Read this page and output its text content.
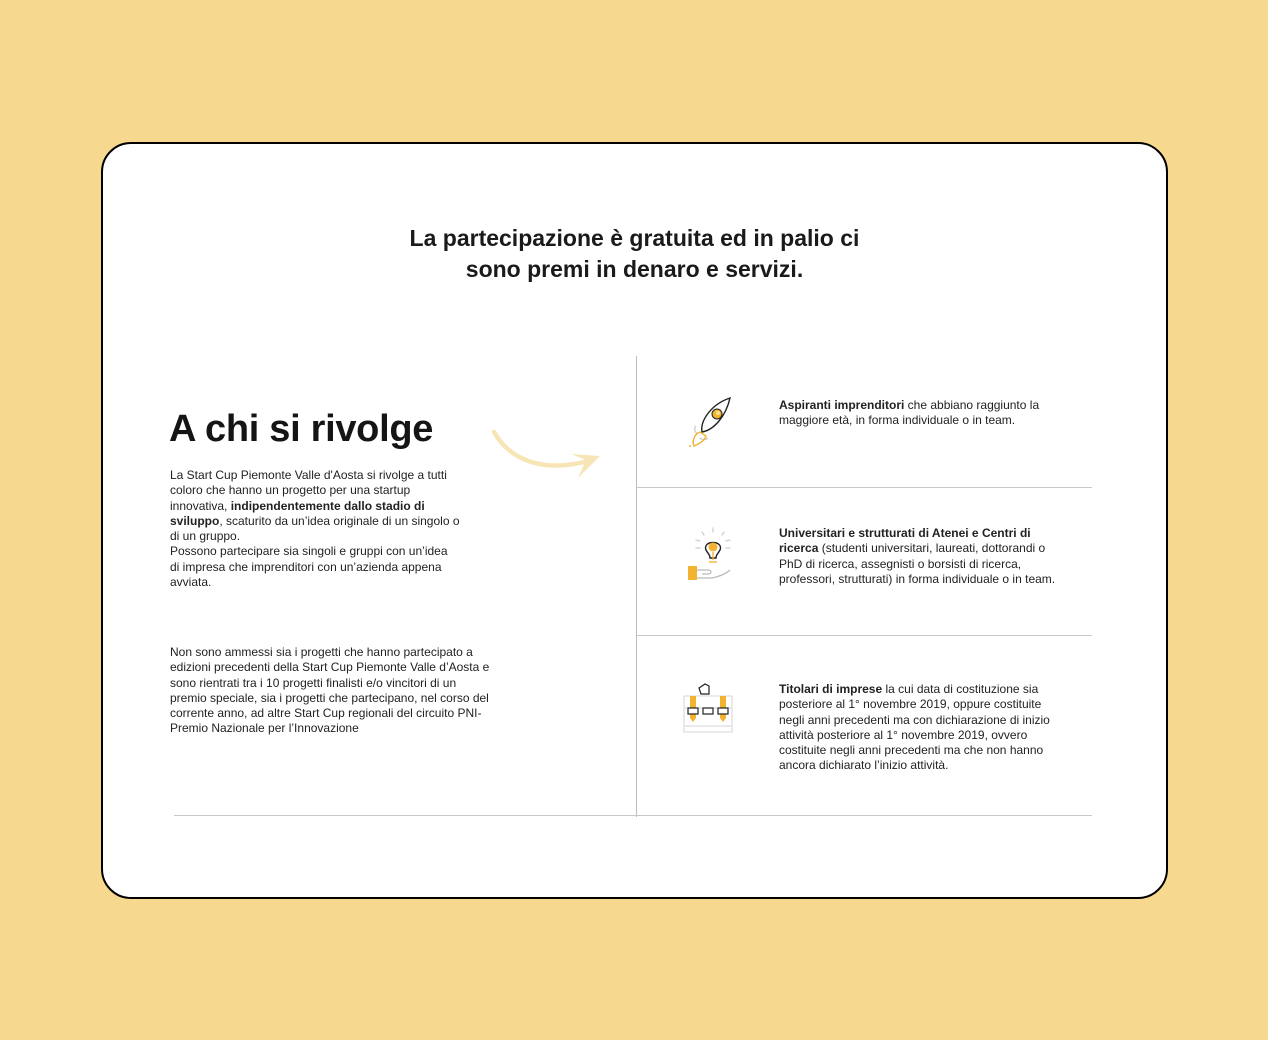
La partecipazione è gratuita ed in palio ci
sono premi in denaro e servizi.
A chi si rivolge
La Start Cup Piemonte Valle d'Aosta si rivolge a tutti
coloro che hanno un progetto per una startup
innovativa, indipendentemente dallo stadio di
sviluppo, scaturito da un’idea originale di un singolo o
di un gruppo.
Possono partecipare sia singoli e gruppi con un’idea
di impresa che imprenditori con un’azienda appena
avviata.
Non sono ammessi sia i progetti che hanno partecipato a
edizioni precedenti della Start Cup Piemonte Valle d’Aosta e
sono rientrati tra i 10 progetti finalisti e/o vincitori di un
premio speciale, sia i progetti che partecipano, nel corso del
corrente anno, ad altre Start Cup regionali del circuito PNI-
Premio Nazionale per l’Innovazione
Aspiranti imprenditori che abbiano raggiunto la
maggiore età, in forma individuale o in team.
Universitari e strutturati di Atenei e Centri di
ricerca (studenti universitari, laureati, dottorandi o
PhD di ricerca, assegnisti o borsisti di ricerca,
professori, strutturati) in forma individuale o in team.
Titolari di imprese la cui data di costituzione sia
posteriore al 1° novembre 2019, oppure costituite
negli anni precedenti ma con dichiarazione di inizio
attività posteriore al 1° novembre 2019, ovvero
costituite negli anni precedenti ma che non hanno
ancora dichiarato l’inizio attività.
